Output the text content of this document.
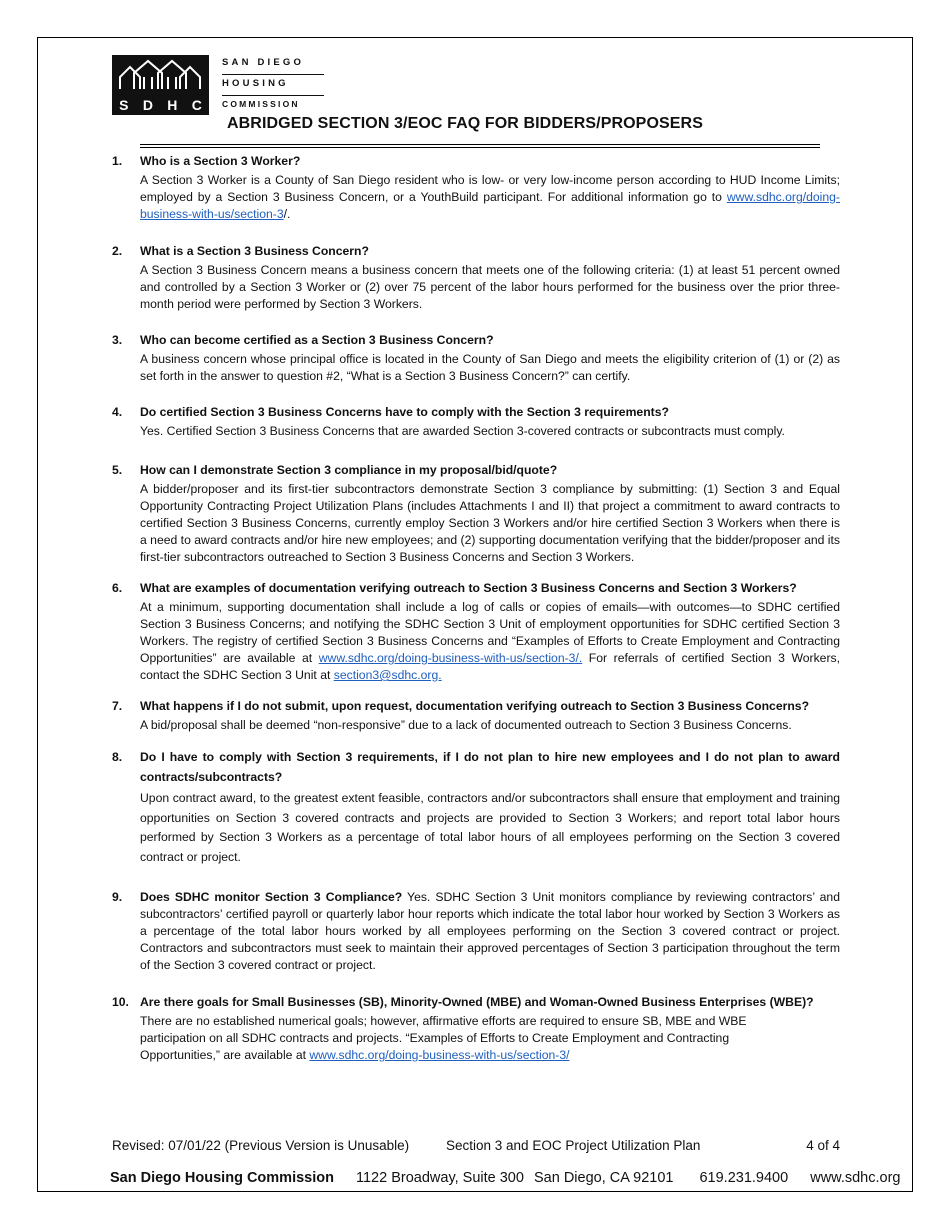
S D H C
SAN DIEGO
HOUSING
COMMISSION
ABRIDGED SECTION 3/EOC FAQ FOR BIDDERS/PROPOSERS
1. Who is a Section 3 Worker?
A Section 3 Worker is a County of San Diego resident who is low- or very low-income person according to HUD Income Limits; employed by a Section 3 Business Concern, or a YouthBuild participant. For additional information go to www.sdhc.org/doing-business-with-us/section-3/.
2. What is a Section 3 Business Concern?
A Section 3 Business Concern means a business concern that meets one of the following criteria: (1) at least 51 percent owned and controlled by a Section 3 Worker or (2) over 75 percent of the labor hours performed for the business over the prior three-month period were performed by Section 3 Workers.
3. Who can become certified as a Section 3 Business Concern?
A business concern whose principal office is located in the County of San Diego and meets the eligibility criterion of (1) or (2) as set forth in the answer to question #2, “What is a Section 3 Business Concern?” can certify.
4. Do certified Section 3 Business Concerns have to comply with the Section 3 requirements?
Yes. Certified Section 3 Business Concerns that are awarded Section 3-covered contracts or subcontracts must comply.
5. How can I demonstrate Section 3 compliance in my proposal/bid/quote?
A bidder/proposer and its first-tier subcontractors demonstrate Section 3 compliance by submitting: (1) Section 3 and Equal Opportunity Contracting Project Utilization Plans (includes Attachments I and II) that project a commitment to award contracts to certified Section 3 Business Concerns, currently employ Section 3 Workers and/or hire certified Section 3 Workers when there is a need to award contracts and/or hire new employees; and (2) supporting documentation verifying that the bidder/proposer and its first-tier subcontractors outreached to Section 3 Business Concerns and Section 3 Workers.
6. What are examples of documentation verifying outreach to Section 3 Business Concerns and Section 3 Workers?
At a minimum, supporting documentation shall include a log of calls or copies of emails—with outcomes—to SDHC certified Section 3 Business Concerns; and notifying the SDHC Section 3 Unit of employment opportunities for SDHC certified Section 3 Workers. The registry of certified Section 3 Business Concerns and “Examples of Efforts to Create Employment and Contracting Opportunities” are available at www.sdhc.org/doing-business-with-us/section-3/. For referrals of certified Section 3 Workers, contact the SDHC Section 3 Unit at section3@sdhc.org.
7. What happens if I do not submit, upon request, documentation verifying outreach to Section 3 Business Concerns?
A bid/proposal shall be deemed “non-responsive” due to a lack of documented outreach to Section 3 Business Concerns.
8. Do I have to comply with Section 3 requirements, if I do not plan to hire new employees and I do not plan to award contracts/subcontracts?
Upon contract award, to the greatest extent feasible, contractors and/or subcontractors shall ensure that employment and training opportunities on Section 3 covered contracts and projects are provided to Section 3 Workers; and report total labor hours performed by Section 3 Workers as a percentage of total labor hours of all employees performing on the Section 3 covered contract or project.
9. Does SDHC monitor Section 3 Compliance? Yes. SDHC Section 3 Unit monitors compliance by reviewing contractors’ and subcontractors’ certified payroll or quarterly labor hour reports which indicate the total labor hour worked by Section 3 Workers as a percentage of the total labor hours worked by all employees performing on the Section 3 covered contract or project. Contractors and subcontractors must seek to maintain their approved percentages of Section 3 participation throughout the term of the Section 3 covered contract or project.
10. Are there goals for Small Businesses (SB), Minority-Owned (MBE) and Woman-Owned Business Enterprises (WBE)?
There are no established numerical goals; however, affirmative efforts are required to ensure SB, MBE and WBE participation on all SDHC contracts and projects. “Examples of Efforts to Create Employment and Contracting Opportunities,” are available at www.sdhc.org/doing-business-with-us/section-3/
Revised: 07/01/22 (Previous Version is Unusable)	Section 3 and EOC Project Utilization Plan	4 of 4
San Diego Housing Commission 1122 Broadway, Suite 300 San Diego, CA 92101 619.231.9400 www.sdhc.org
